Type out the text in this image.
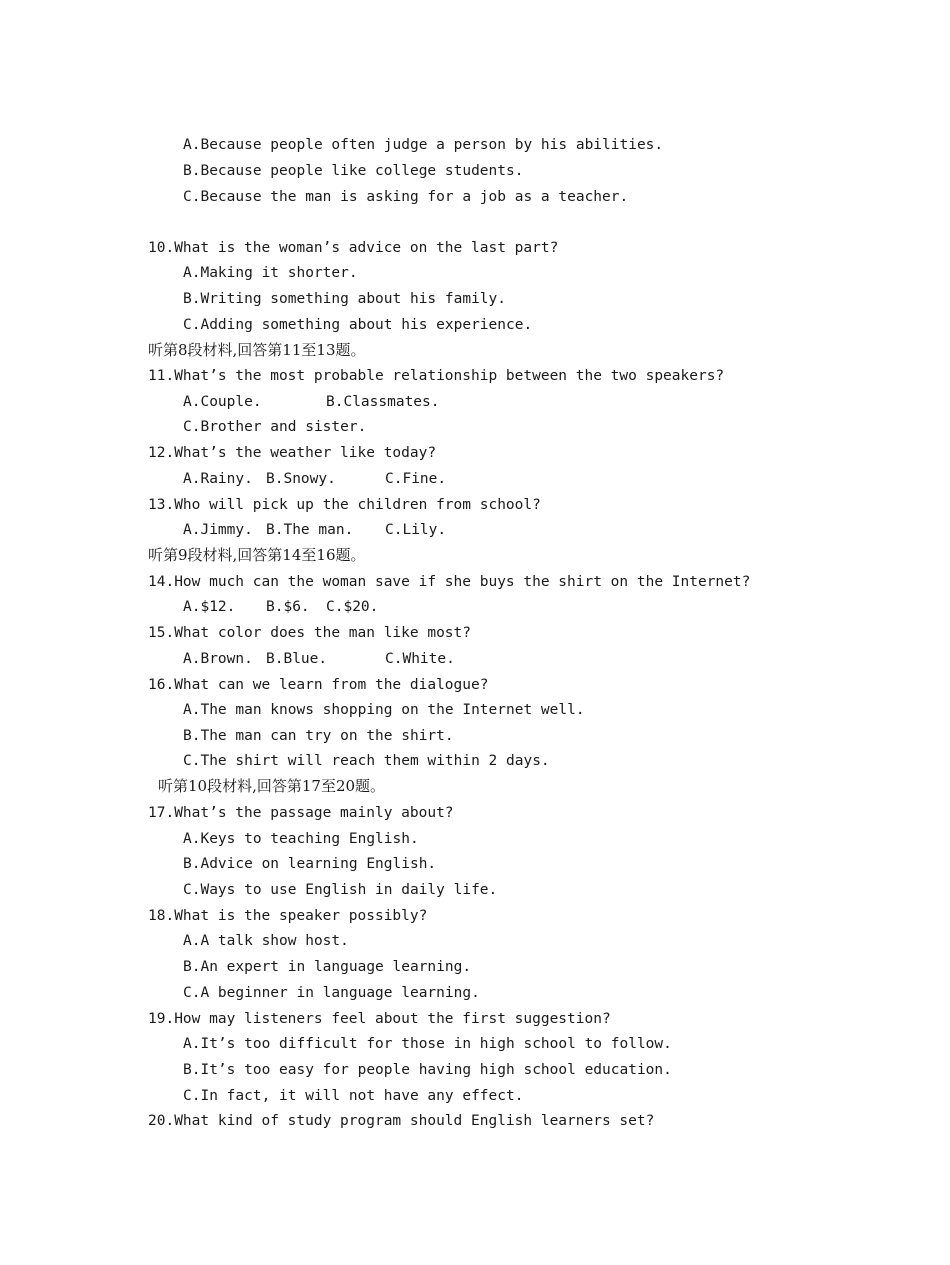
A.Because people often judge a person by his abilities.
B.Because people like college students.
C.Because the man is asking for a job as a teacher.
10.What is the woman’s advice on the last part?
A.Making it shorter.
B.Writing something about his family.
C.Adding something about his experience.
听第8段材料,回答第11至13题。
11.What’s the most probable relationship between the two speakers?
A.Couple.	B.Classmates.
C.Brother and sister.
12.What’s the weather like today?
A.Rainy. B.Snowy.	C.Fine.
13.Who will pick up the children from school?
A.Jimmy. B.The man. C.Lily.
听第9段材料,回答第14至16题。
14.How much can the woman save if she buys the shirt on the Internet?
A.$12. B.$6. C.$20.
15.What color does the man like most?
A.Brown. B.Blue.	C.White.
16.What can we learn from the dialogue?
A.The man knows shopping on the Internet well.
B.The man can try on the shirt.
C.The shirt will reach them within 2 days.
听第10段材料,回答第17至20题。
17.What’s the passage mainly about?
A.Keys to teaching English.
B.Advice on learning English.
C.Ways to use English in daily life.
18.What is the speaker possibly?
A.A talk show host.
B.An expert in language learning.
C.A beginner in language learning.
19.How may listeners feel about the first suggestion?
A.It’s too difficult for those in high school to follow.
B.It’s too easy for people having high school education.
C.In fact, it will not have any effect.
20.What kind of study program should English learners set?
